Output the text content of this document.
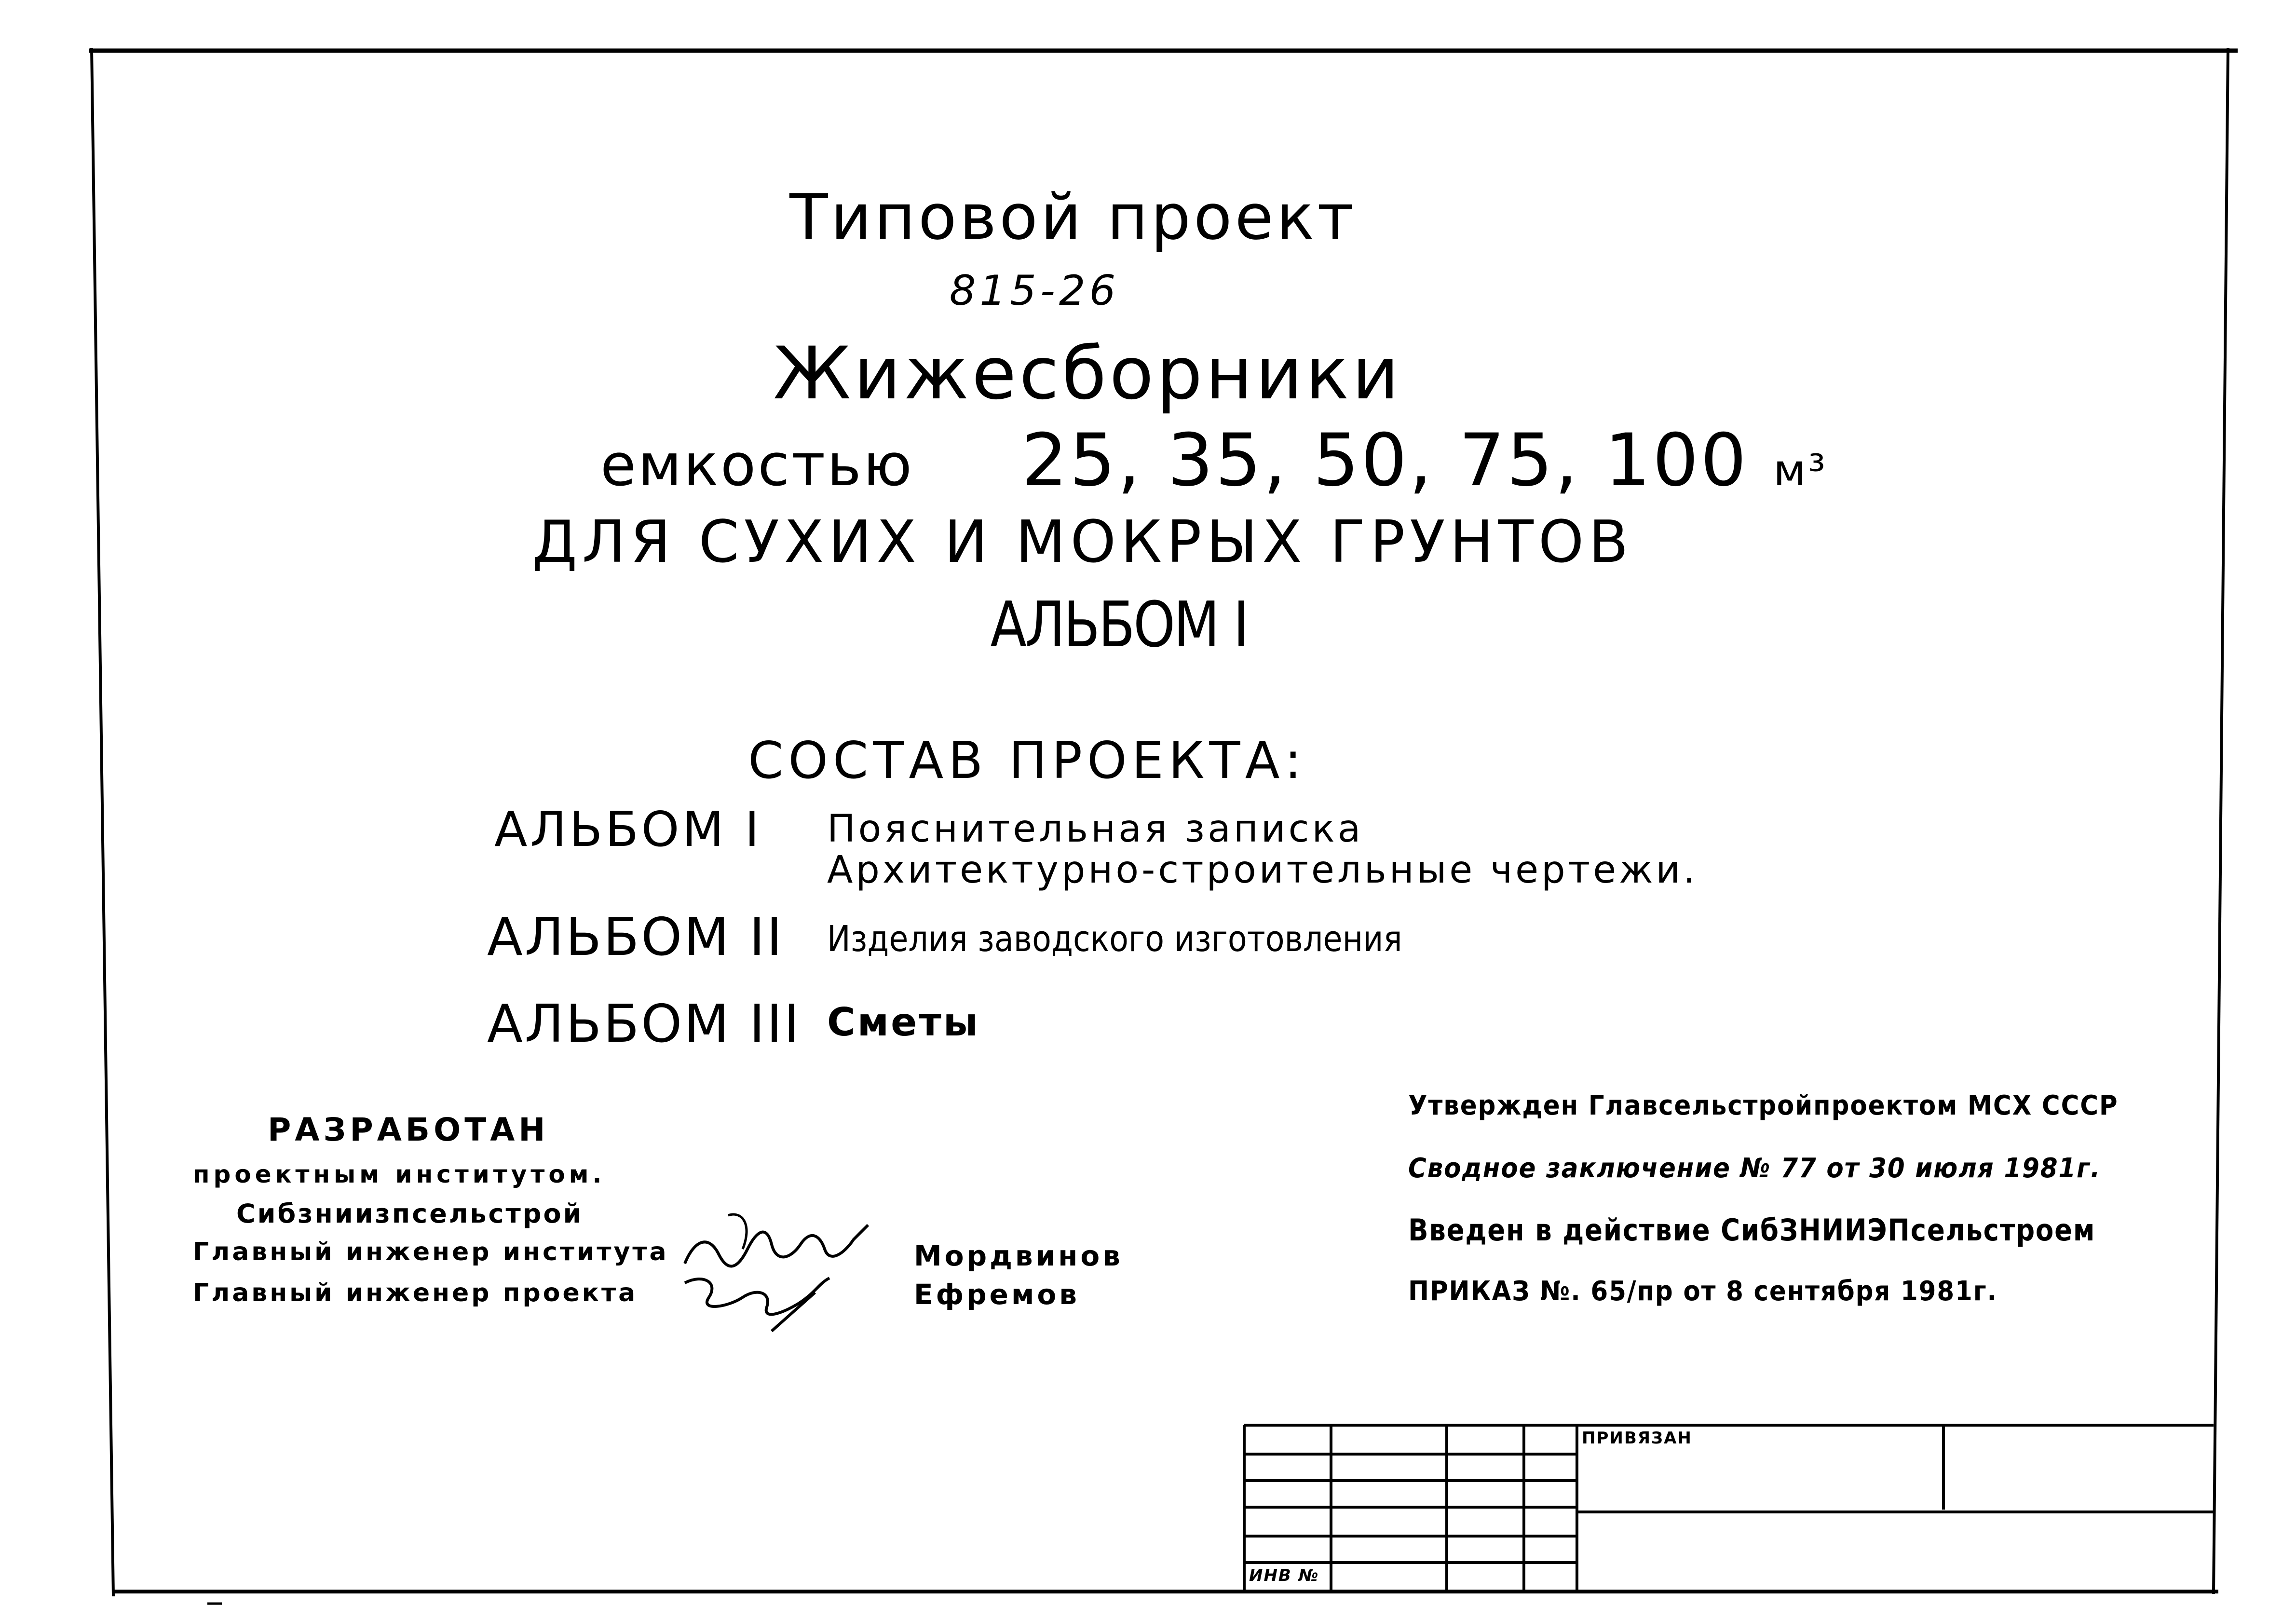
Типовой проект
815-26
Жижесборники
емкостью 25, 35, 50, 75, 100 м³
ДЛЯ СУХИХ И МОКРЫХ ГРУНТОВ
АЛЬБОМ I
СОСТАВ ПРОЕКТА:
АЛЬБОМ I Пояснительная записка
Архитектурно-строительные чертежи.
АЛЬБОМ II Изделия заводского изготовления
АЛЬБОМ III Сметы
РАЗРАБОТАН
проектным институтом.
Сибзниизпсельстрой
Главный инженер института
Главный инженер проекта
Мордвинов
Ефремов
Утвержден Главсельстройпроектом МСХ СССР
Сводное заключение № 77 от 30 июля 1981г.
Введен в действие СибЗНИИЭПсельстроем
ПРИКАЗ №. 65/пр от 8 сентября 1981г.
ПРИВЯЗАН
ИНВ №
